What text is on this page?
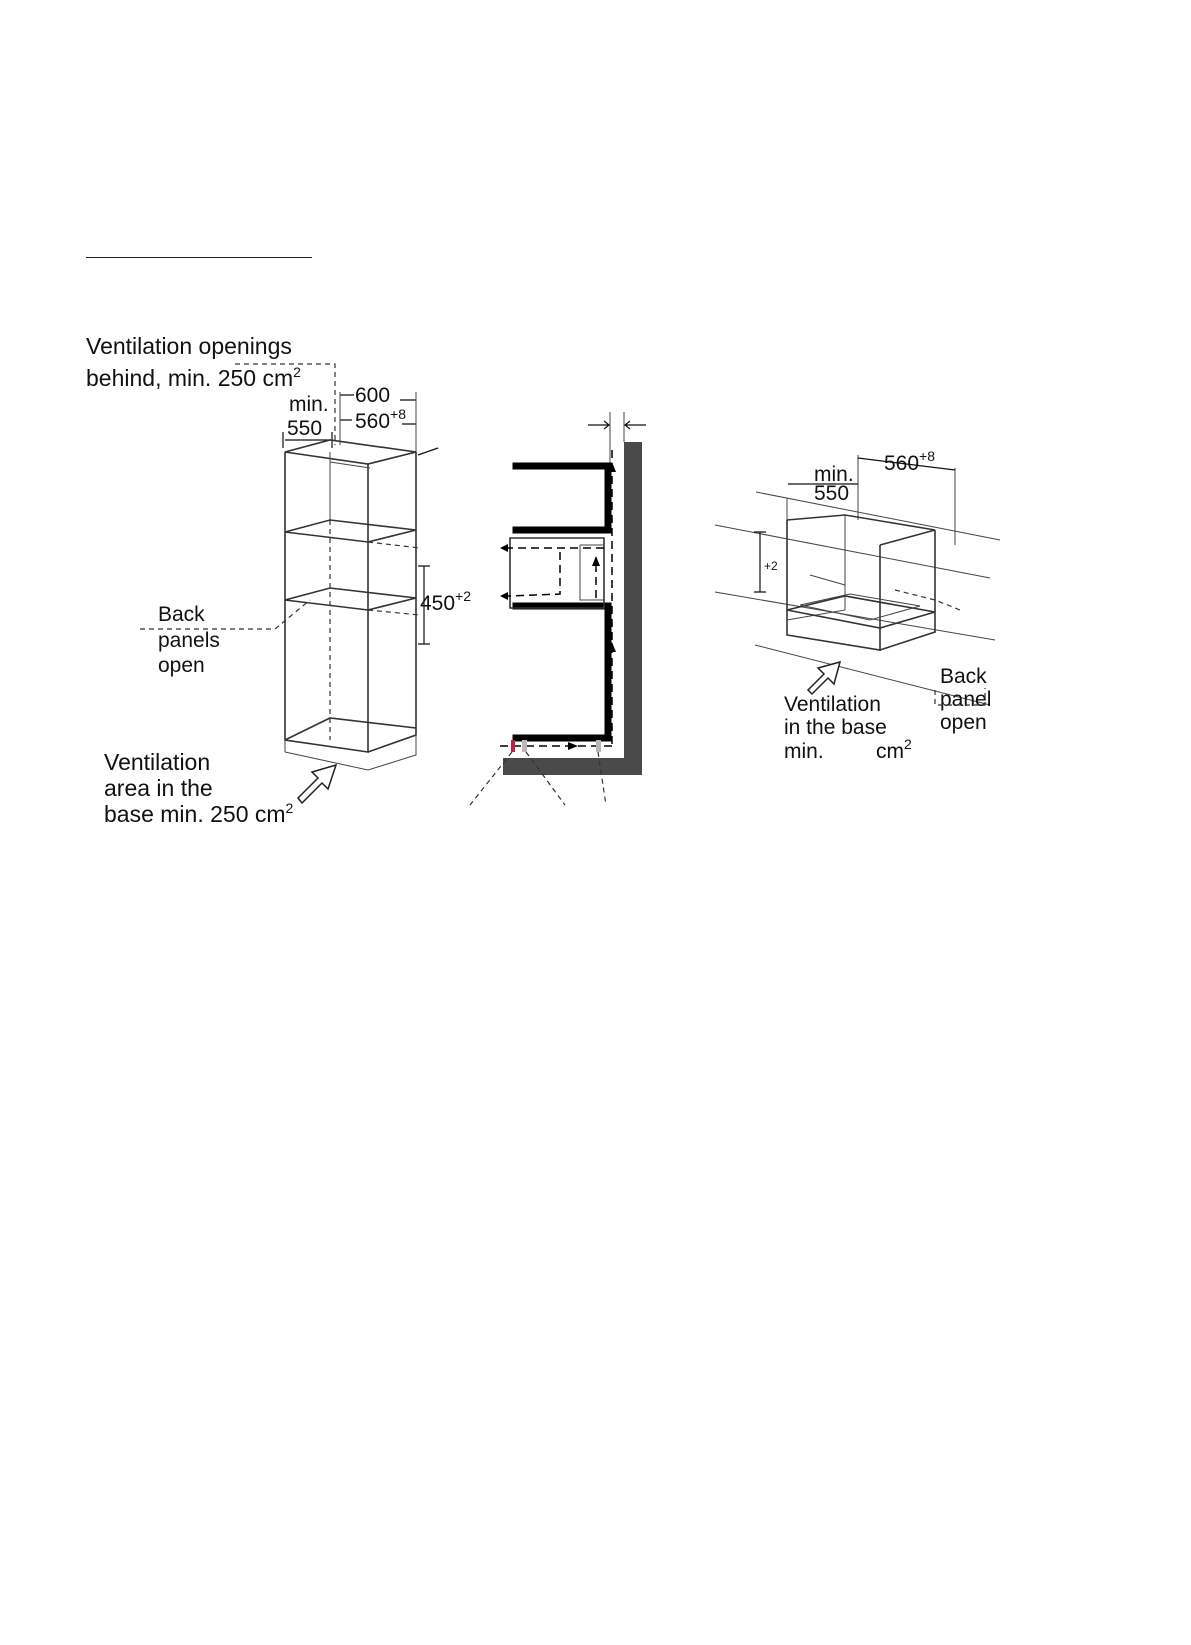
Ventilation openings
behind, min. 250 $cm^2$
600
$560^{+8}$
min.
550
$450^{+2}$
Back
panels
open
Ventilation
area in the
base min. 250 $cm^2$
min.
550
$560^{+8}$
+2
Ventilation
in the base
min. $cm^2$
Back
panel
open
